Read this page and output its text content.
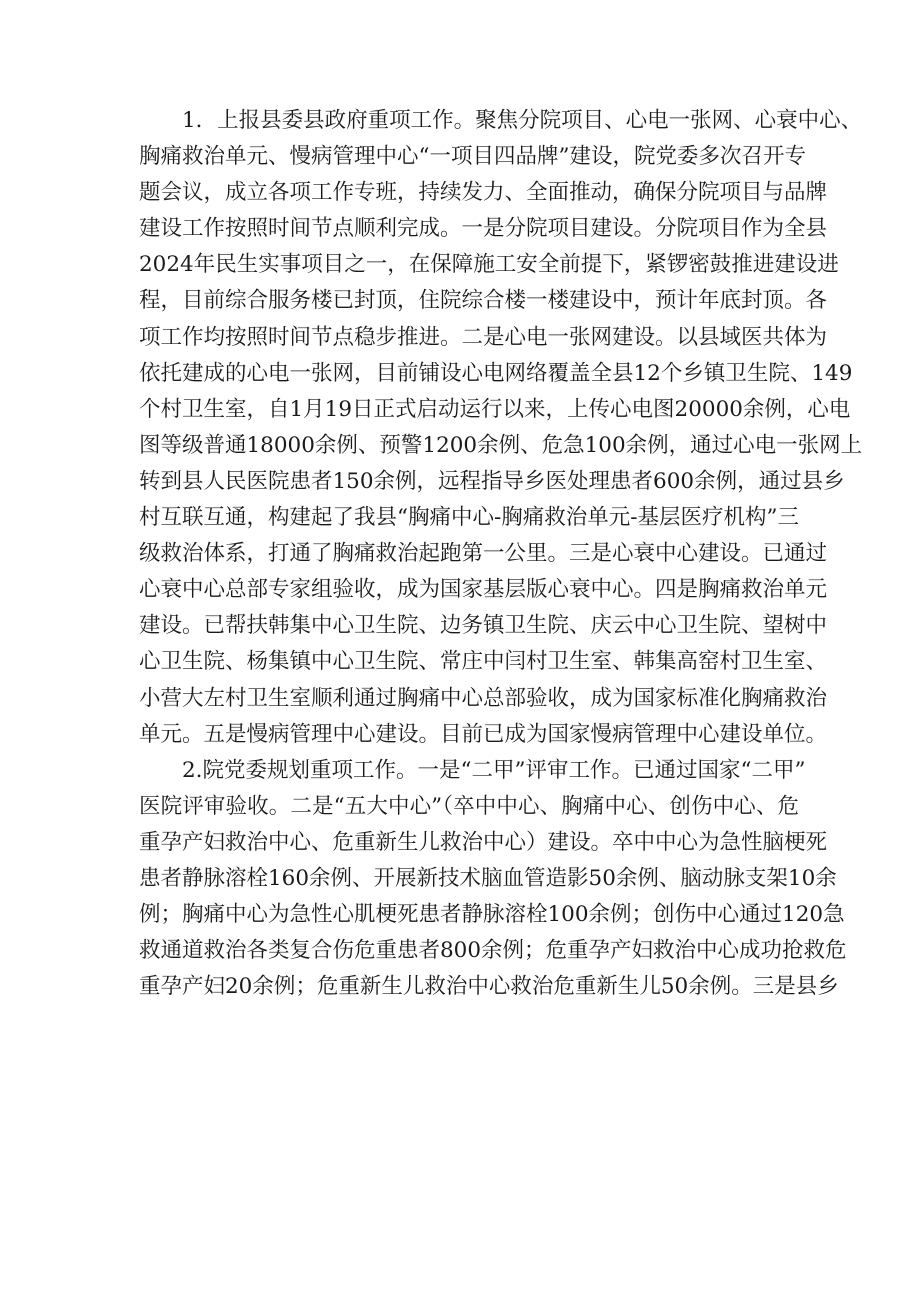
1．上报县委县政府重项工作。聚焦分院项目、心电一张网、心衰中心、
胸痛救治单元、慢病管理中心“一项目四品牌”建设，院党委多次召开专
题会议，成立各项工作专班，持续发力、全面推动，确保分院项目与品牌
建设工作按照时间节点顺利完成。一是分院项目建设。分院项目作为全县
2024年民生实事项目之一，在保障施工安全前提下，紧锣密鼓推进建设进
程，目前综合服务楼已封顶，住院综合楼一楼建设中，预计年底封顶。各
项工作均按照时间节点稳步推进。二是心电一张网建设。以县域医共体为
依托建成的心电一张网，目前铺设心电网络覆盖全县12个乡镇卫生院、149
个村卫生室，自1月19日正式启动运行以来，上传心电图20000余例，心电
图等级普通18000余例、预警1200余例、危急100余例，通过心电一张网上
转到县人民医院患者150余例，远程指导乡医处理患者600余例，通过县乡
村互联互通，构建起了我县“胸痛中心-胸痛救治单元-基层医疗机构”三
级救治体系，打通了胸痛救治起跑第一公里。三是心衰中心建设。已通过
心衰中心总部专家组验收，成为国家基层版心衰中心。四是胸痛救治单元
建设。已帮扶韩集中心卫生院、边务镇卫生院、庆云中心卫生院、望树中
心卫生院、杨集镇中心卫生院、常庄中闫村卫生室、韩集高窑村卫生室、
小营大左村卫生室顺利通过胸痛中心总部验收，成为国家标准化胸痛救治
单元。五是慢病管理中心建设。目前已成为国家慢病管理中心建设单位。
2.院党委规划重项工作。一是“二甲”评审工作。已通过国家“二甲”
医院评审验收。二是“五大中心”（卒中中心、胸痛中心、创伤中心、危
重孕产妇救治中心、危重新生儿救治中心）建设。卒中中心为急性脑梗死
患者静脉溶栓160余例、开展新技术脑血管造影50余例、脑动脉支架10余
例；胸痛中心为急性心肌梗死患者静脉溶栓100余例；创伤中心通过120急
救通道救治各类复合伤危重患者800余例；危重孕产妇救治中心成功抢救危
重孕产妇20余例；危重新生儿救治中心救治危重新生儿50余例。三是县乡
